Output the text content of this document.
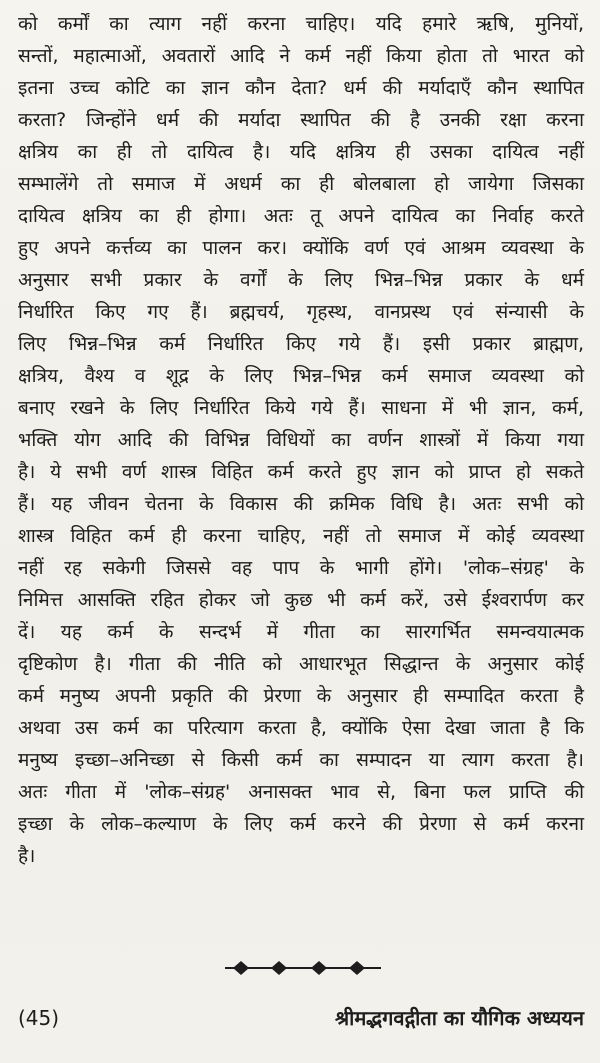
को कर्मों का त्याग नहीं करना चाहिए। यदि हमारे ऋषि, मुनियों,
सन्तों, महात्माओं, अवतारों आदि ने कर्म नहीं किया होता तो भारत को
इतना उच्च कोटि का ज्ञान कौन देता? धर्म की मर्यादाएँ कौन स्थापित
करता? जिन्होंने धर्म की मर्यादा स्थापित की है उनकी रक्षा करना
क्षत्रिय का ही तो दायित्व है। यदि क्षत्रिय ही उसका दायित्व नहीं
सम्भालेंगे तो समाज में अधर्म का ही बोलबाला हो जायेगा जिसका
दायित्व क्षत्रिय का ही होगा। अतः तू अपने दायित्व का निर्वाह करते
हुए अपने कर्त्तव्य का पालन कर। क्योंकि वर्ण एवं आश्रम व्यवस्था के
अनुसार सभी प्रकार के वर्गों के लिए भिन्न–भिन्न प्रकार के धर्म
निर्धारित किए गए हैं। ब्रह्मचर्य, गृहस्थ, वानप्रस्थ एवं संन्यासी के
लिए भिन्न–भिन्न कर्म निर्धारित किए गये हैं। इसी प्रकार ब्राह्मण,
क्षत्रिय, वैश्य व शूद्र के लिए भिन्न–भिन्न कर्म समाज व्यवस्था को
बनाए रखने के लिए निर्धारित किये गये हैं। साधना में भी ज्ञान, कर्म,
भक्ति योग आदि की विभिन्न विधियों का वर्णन शास्त्रों में किया गया
है। ये सभी वर्ण शास्त्र विहित कर्म करते हुए ज्ञान को प्राप्त हो सकते
हैं। यह जीवन चेतना के विकास की क्रमिक विधि है। अतः सभी को
शास्त्र विहित कर्म ही करना चाहिए, नहीं तो समाज में कोई व्यवस्था
नहीं रह सकेगी जिससे वह पाप के भागी होंगे। 'लोक–संग्रह' के
निमित्त आसक्ति रहित होकर जो कुछ भी कर्म करें, उसे ईश्वरार्पण कर
दें। यह कर्म के सन्दर्भ में गीता का सारगर्भित समन्वयात्मक
दृष्टिकोण है। गीता की नीति को आधारभूत सिद्धान्त के अनुसार कोई
कर्म मनुष्य अपनी प्रकृति की प्रेरणा के अनुसार ही सम्पादित करता है
अथवा उस कर्म का परित्याग करता है, क्योंकि ऐसा देखा जाता है कि
मनुष्य इच्छा–अनिच्छा से किसी कर्म का सम्पादन या त्याग करता है।
अतः गीता में 'लोक–संग्रह' अनासक्त भाव से, बिना फल प्राप्ति की
इच्छा के लोक–कल्याण के लिए कर्म करने की प्रेरणा से कर्म करना
है।
(45)	श्रीमद्भगवद्गीता का यौगिक अध्ययन
